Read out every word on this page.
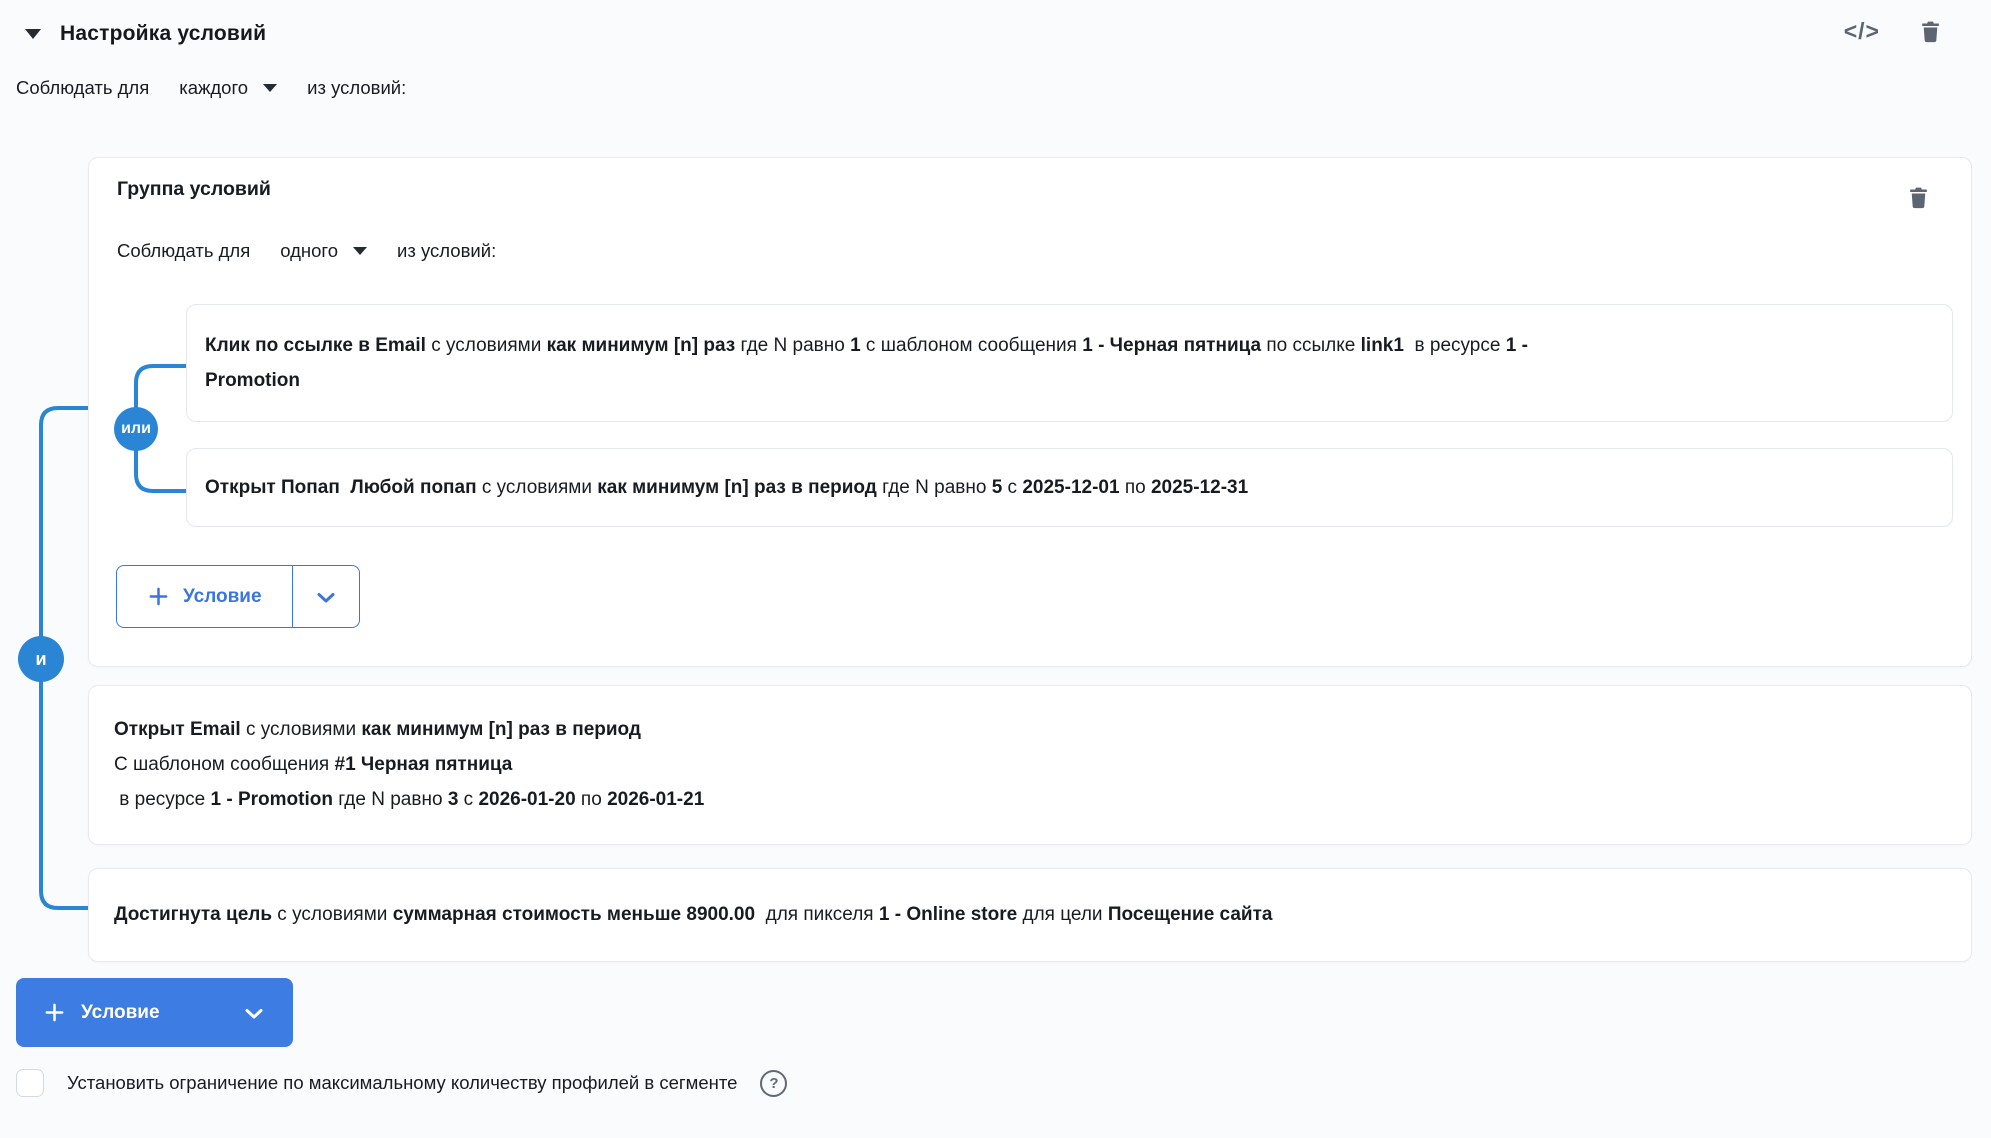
Настройка условий	</>
Соблюдать для каждого	из условий:
Группа условий
Соблюдать для одного	из условий:
или
Клик по ссылке в Email с условиями как минимум [n] раз где N равно 1 с шаблоном сообщения 1 - Черная пятница по ссылке link1  в ресурсе 1 -
Promotion
Открыт Попап Любой попап с условиями как минимум [n] раз в период где N равно 5 с 2025-12-01 по 2025-12-31
Условие
и
Открыт Email с условиями как минимум [n] раз в период
С шаблоном сообщения #1 Черная пятница
в ресурсе 1 - Promotion где N равно 3 с 2026-01-20 по 2026-01-21
Достигнута цель с условиями суммарная стоимость меньше 8900.00  для пикселя 1 - Online store для цели Посещение сайта
Условие
Установить ограничение по максимальному количеству профилей в сегменте	?
